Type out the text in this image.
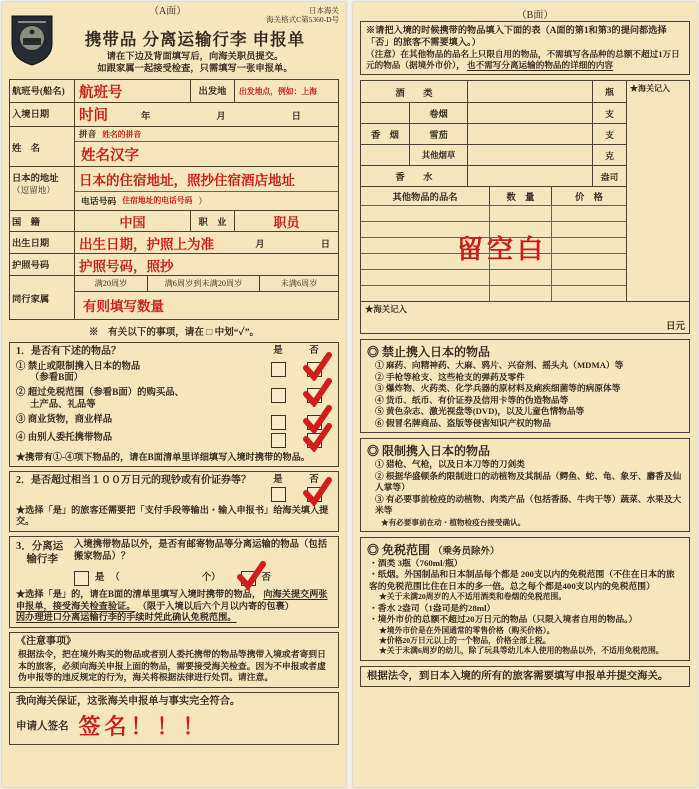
（A面）	日本海关
海关格式C第5360-D号
携带品 分离运输行李 申报单
请在下边及背面填写后，向海关职员提交。
如跟家属一起接受检查，只需填写一张申报单。
航班号(船名) 航班号	出发地	出发地点，例如：上海
入境日期	时间	年	月	日
姓　名
拼音 姓名的拼音
姓名汉字
日本的地址
（逗留地）
日本的住宿地址，照抄住宿酒店地址
电话号码 住宿地址的电话号码 ）
国　籍	中国	职　业	职员
出生日期	出生日期，护照上为准	月	日
护照号码	护照号码，照抄
同行家属
满20周岁	满6周岁到未满20周岁	未满6周岁
有则填写数量
※　有关以下的事项，请在 □ 中划“✓”。
1．是否有下述的物品？	是	否
① 禁止或限制携入日本的物品
（参看B面）
② 超过免税范围（参看B面）的购买品、
土产品、礼品等
③ 商业货物，商业样品
④ 由别人委托携带物品
★携带有①-④项下物品的，请在B面清单里详细填写入境时携带的物品。
2．是否超过相当１００万日元的现钞或有价证券等？	是	否
★选择「是」的旅客还需要把「支付手段等输出・输入申报书」给海关填入提交。
3．分离运
　输行李
入境携带物品以外，是否有邮寄物品等分离运输的物品（包括搬家物品）？
是 （	个）	否
★选择「是」的，请在B面的清单里填写入境时携带的物品， 向海关提交两张申报单，接受海关检查验证。 （限于入境以后六个月以内寄的包裹）
因办理进口分离运输行李的手续时凭此确认免税范围。
《注意事项》
根据法令，把在境外购买的物品或者别人委托携带的物品等携带入境或者寄到日本的旅客，必须向海关申报上面的物品，需要接受海关检查。因为不申报或者虚伪申报等的违反规定的行为，海关将根据法律进行处罚。请注意。
我向海关保证，这张海关申报单与事实完全符合。
申请人签名 签名！！！
（B面）
※请把入境的时候携带的物品填入下面的表（A面的第1和第3的提问都选择「否」的旅客不需要填入。）
（注意）在其他物品的品名上只限自用的物品，不需填写各品种的总额不超过1万日元的物品（据境外市价）， 也不需写分离运输的物品的详细的内容
酒　　类	瓶
卷烟	支
香　烟	雪茄	支
其他烟草	克
香　　水	盎司
其他物品的品名	数　量	价　格
★海关记入
留空白
★海关记入
日元
◎ 禁止携入日本的物品
① 麻药、向精神药、大麻、鸦片、兴奋剂、摇头丸（MDMA）等
② 手枪等枪支、这些枪支的弹药及零件
③ 爆炸物、火药类、化学兵器的原材料及痢疾细菌等的病原体等
④ 货币、纸币、有价证券及信用卡等的伪造物品等
⑤ 黄色杂志、激光视盘等(DVD)，以及儿童色情物品等
⑥ 假冒名牌商品、盗版等侵害知识产权的物品
◎ 限制携入日本的物品
① 猎枪、气枪，以及日本刀等的刀剑类
② 根据华盛顿条约限制进口的动植物及其制品（鳄鱼、蛇、龟、象牙、麝香及仙人掌等）
③ 有必要事前检疫的动植物、肉类产品（包括香肠、牛肉干等）蔬菜、水果及大米等
★有必要事前在动・植物检疫台接受确认。
◎ 免税范围 （乘务员除外）
・酒类 3瓶（760ml/瓶）
・纸烟。外国制品和日本制品每个都是 200支以内的免税范围（不住在日本的旅客的免税范围比住在日本的多一倍。总之每个都是400支以内的免税范围）
★关于未满20周岁的人不适用酒类和卷烟的免税范围。
・香水 2盎司（1盎司是约28ml）
・境外市价的总额不超过20万日元的物品（只限入境者自用的物品。）
★境外市价是在外国通常的零售价格（购买价格）。
★价格20万日元以上的一个物品，价格全部上税。
★关于未满6周岁的幼儿，除了玩具等幼儿本人使用的物品以外，不适用免税范围。
根据法令，到日本入境的所有的旅客需要填写申报单并提交海关。
